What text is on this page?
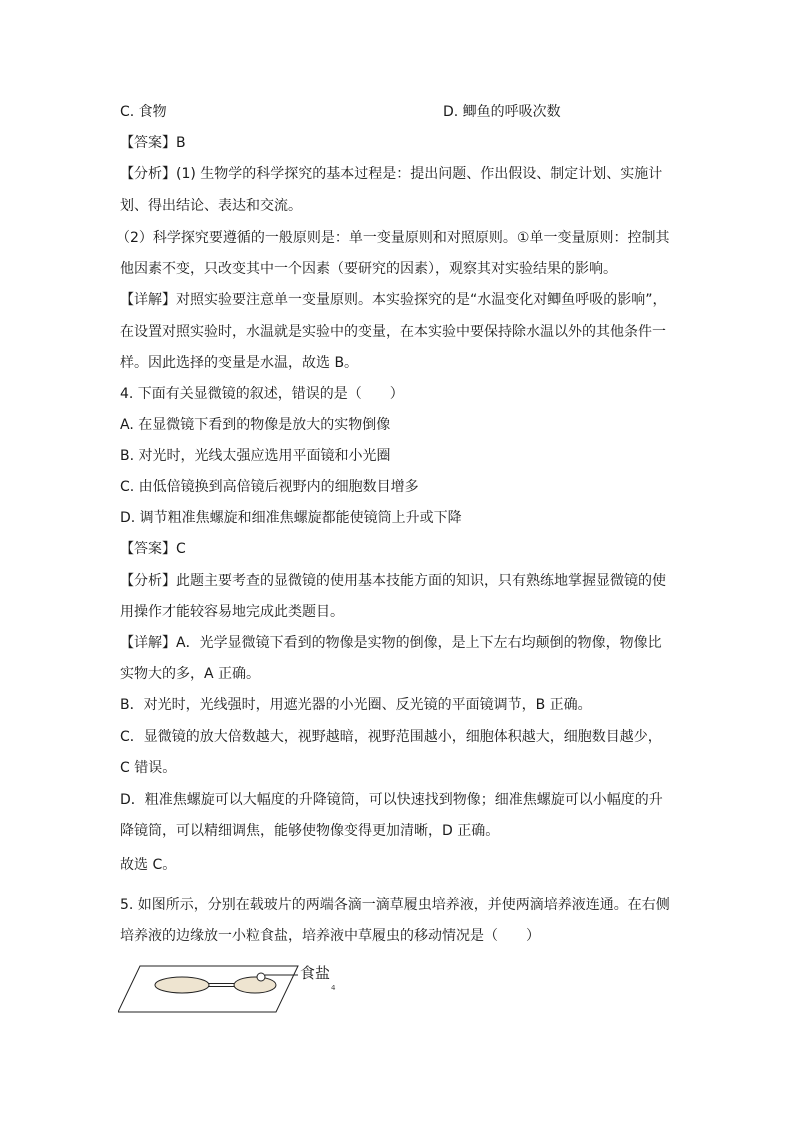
C. 食物	D. 鲫鱼的呼吸次数
【答案】B
【分析】(1) 生物学的科学探究的基本过程是：提出问题、作出假设、制定计划、实施计
划、得出结论、表达和交流。
（2）科学探究要遵循的一般原则是：单一变量原则和对照原则。①单一变量原则：控制其
他因素不变，只改变其中一个因素（要研究的因素），观察其对实验结果的影响。
【详解】对照实验要注意单一变量原则。本实验探究的是“水温变化对鲫鱼呼吸的影响”，
在设置对照实验时，水温就是实验中的变量，在本实验中要保持除水温以外的其他条件一
样。因此选择的变量是水温，故选 B。
4. 下面有关显微镜的叙述，错误的是（　　）
A. 在显微镜下看到的物像是放大的实物倒像
B. 对光时，光线太强应选用平面镜和小光圈
C. 由低倍镜换到高倍镜后视野内的细胞数目增多
D. 调节粗准焦螺旋和细准焦螺旋都能使镜筒上升或下降
【答案】C
【分析】此题主要考查的显微镜的使用基本技能方面的知识，只有熟练地掌握显微镜的使
用操作才能较容易地完成此类题目。
【详解】A．光学显微镜下看到的物像是实物的倒像，是上下左右均颠倒的物像，物像比
实物大的多，A 正确。
B．对光时，光线强时，用遮光器的小光圈、反光镜的平面镜调节，B 正确。
C．显微镜的放大倍数越大，视野越暗，视野范围越小，细胞体积越大，细胞数目越少，
C 错误。
D．粗准焦螺旋可以大幅度的升降镜筒，可以快速找到物像；细准焦螺旋可以小幅度的升
降镜筒，可以精细调焦，能够使物像变得更加清晰，D 正确。
故选 C。
5. 如图所示，分别在载玻片的两端各滴一滴草履虫培养液，并使两滴培养液连通。在右侧
培养液的边缘放一小粒食盐，培养液中草履虫的移动情况是（　　）
食盐
4
